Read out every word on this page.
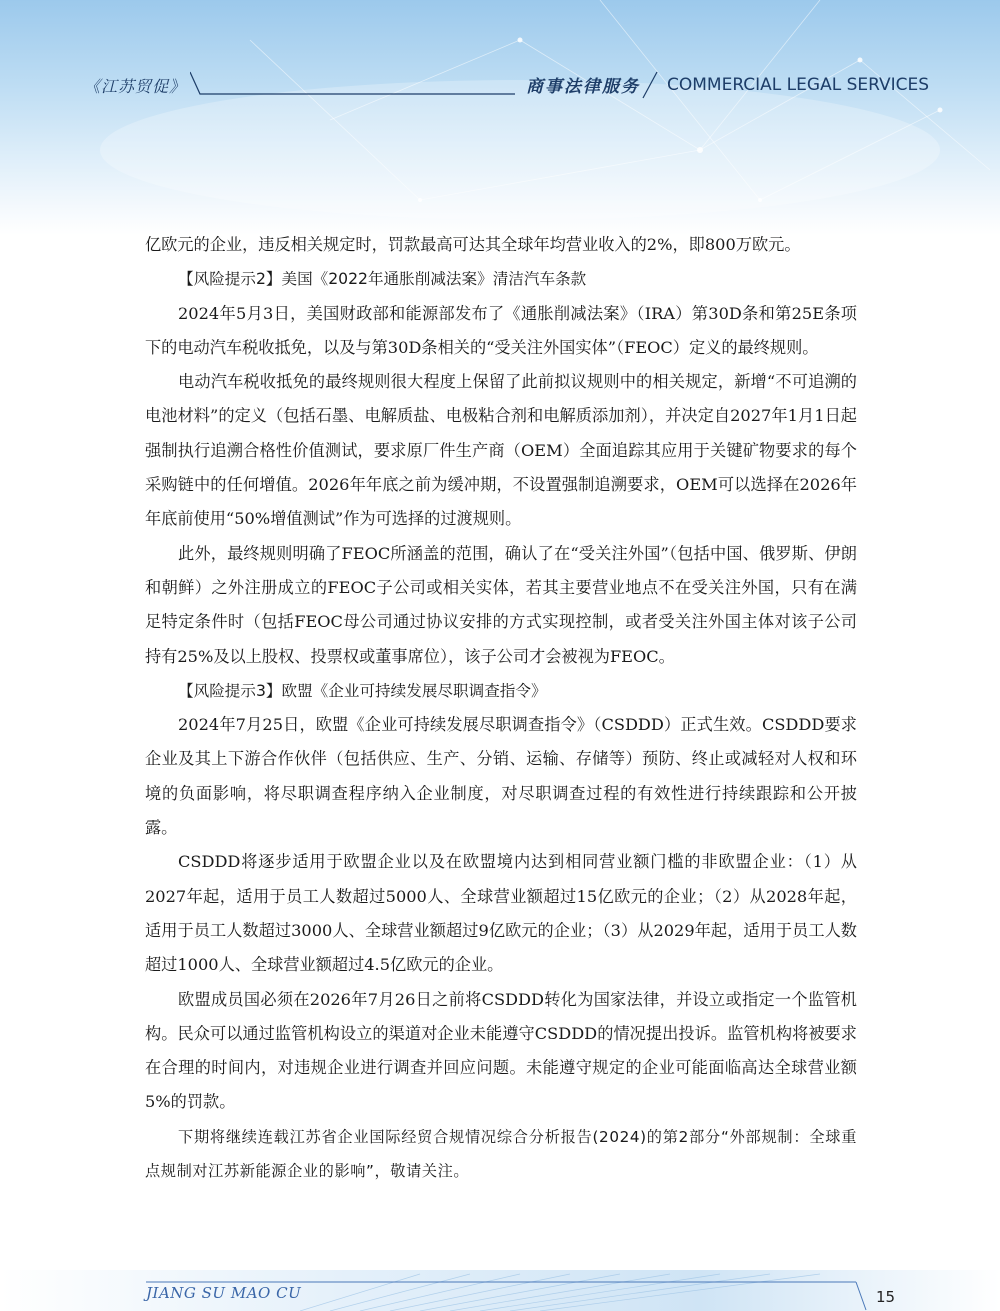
《江苏贸促》	商事法律服务 COMMERCIAL LEGAL SERVICES

亿欧元的企业，违反相关规定时，罚款最高可达其全球年均营业收入的2%，即800万欧元。

【风险提示2】美国《2022年通胀削减法案》清洁汽车条款

2024年5月3日，美国财政部和能源部发布了《通胀削减法案》（IRA）第30D条和第25E条项下的电动汽车税收抵免，以及与第30D条相关的“受关注外国实体”（FEOC）定义的最终规则。

电动汽车税收抵免的最终规则很大程度上保留了此前拟议规则中的相关规定，新增“不可追溯的电池材料”的定义（包括石墨、电解质盐、电极粘合剂和电解质添加剂），并决定自2027年1月1日起强制执行追溯合格性价值测试，要求原厂件生产商（OEM）全面追踪其应用于关键矿物要求的每个采购链中的任何增值。2026年年底之前为缓冲期，不设置强制追溯要求，OEM可以选择在2026年年底前使用“50%增值测试”作为可选择的过渡规则。

此外，最终规则明确了FEOC所涵盖的范围，确认了在“受关注外国”（包括中国、俄罗斯、伊朗和朝鲜）之外注册成立的FEOC子公司或相关实体，若其主要营业地点不在受关注外国，只有在满足特定条件时（包括FEOC母公司通过协议安排的方式实现控制，或者受关注外国主体对该子公司持有25%及以上股权、投票权或董事席位），该子公司才会被视为FEOC。

【风险提示3】欧盟《企业可持续发展尽职调查指令》

2024年7月25日，欧盟《企业可持续发展尽职调查指令》（CSDDD）正式生效。CSDDD要求企业及其上下游合作伙伴（包括供应、生产、分销、运输、存储等）预防、终止或减轻对人权和环境的负面影响，将尽职调查程序纳入企业制度，对尽职调查过程的有效性进行持续跟踪和公开披露。

CSDDD将逐步适用于欧盟企业以及在欧盟境内达到相同营业额门槛的非欧盟企业：（1）从2027年起，适用于员工人数超过5000人、全球营业额超过15亿欧元的企业；（2）从2028年起，适用于员工人数超过3000人、全球营业额超过9亿欧元的企业；（3）从2029年起，适用于员工人数超过1000人、全球营业额超过4.5亿欧元的企业。

欧盟成员国必须在2026年7月26日之前将CSDDD转化为国家法律，并设立或指定一个监管机构。民众可以通过监管机构设立的渠道对企业未能遵守CSDDD的情况提出投诉。监管机构将被要求在合理的时间内，对违规企业进行调查并回应问题。未能遵守规定的企业可能面临高达全球营业额5%的罚款。

下期将继续连载江苏省企业国际经贸合规情况综合分析报告(2024)的第2部分“外部规制：全球重点规制对江苏新能源企业的影响”，敬请关注。

JIANG SU MAO CU	15
